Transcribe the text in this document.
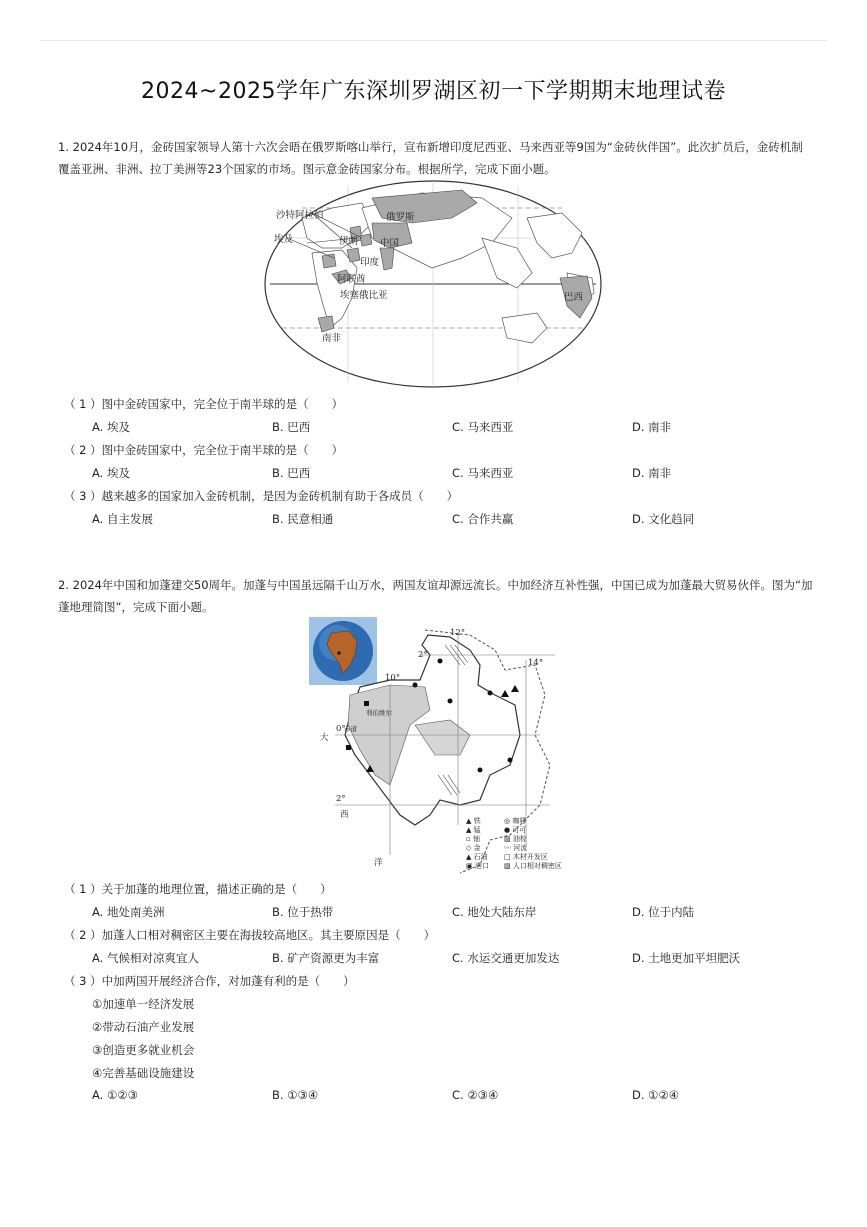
2024~2025学年广东深圳罗湖区初一下学期期末地理试卷
1. 2024年10月，金砖国家领导人第十六次会晤在俄罗斯喀山举行，宣布新增印度尼西亚、马来西亚等9国为“金砖伙伴国”。此次扩员后，金砖机制覆盖亚洲、非洲、拉丁美洲等23个国家的市场。图示意金砖国家分布。根据所学，完成下面小题。
沙特阿拉伯	俄罗斯
埃及	伊朗 中国
印度
阿联酋
埃塞俄比亚
南非
巴西
（ 1 ）图中金砖国家中，完全位于南半球的是（　　）
A. 埃及	B. 巴西	C. 马来西亚	D. 南非
（ 2 ）图中金砖国家中，完全位于南半球的是（　　）
A. 埃及	B. 巴西	C. 马来西亚	D. 南非
（ 3 ）越来越多的国家加入金砖机制，是因为金砖机制有助于各成员（　　）
A. 自主发展	B. 民意相通	C. 合作共赢	D. 文化趋同
2. 2024年中国和加蓬建交50周年。加蓬与中国虽远隔千山万水，两国友谊却源远流长。中加经济互补性强，中国已成为加蓬最大贸易伙伴。图为“加蓬地理简图”，完成下面小题。
12°
14°
10°
2°
0°
赤道
2°
利伯维尔
大
西
洋
▲ 铁	◎ 咖啡
▲ 锰	● 可可
▫ 铀	▨ 油棕
◇ 金	〰 河流
▲ 石油 □ 木材开发区
▣ 港口 ▨ 人口相对稠密区
（ 1 ）关于加蓬的地理位置，描述正确的是（　　）
A. 地处南美洲	B. 位于热带	C. 地处大陆东岸	D. 位于内陆
（ 2 ）加蓬人口相对稠密区主要在海拔较高地区。其主要原因是（　　）
A. 气候相对凉爽宜人	B. 矿产资源更为丰富	C. 水运交通更加发达	D. 土地更加平坦肥沃
（ 3 ）中加两国开展经济合作，对加蓬有利的是（　　）
①加速单一经济发展
②带动石油产业发展
③创造更多就业机会
④完善基础设施建设
A. ①②③	B. ①③④	C. ②③④	D. ①②④
